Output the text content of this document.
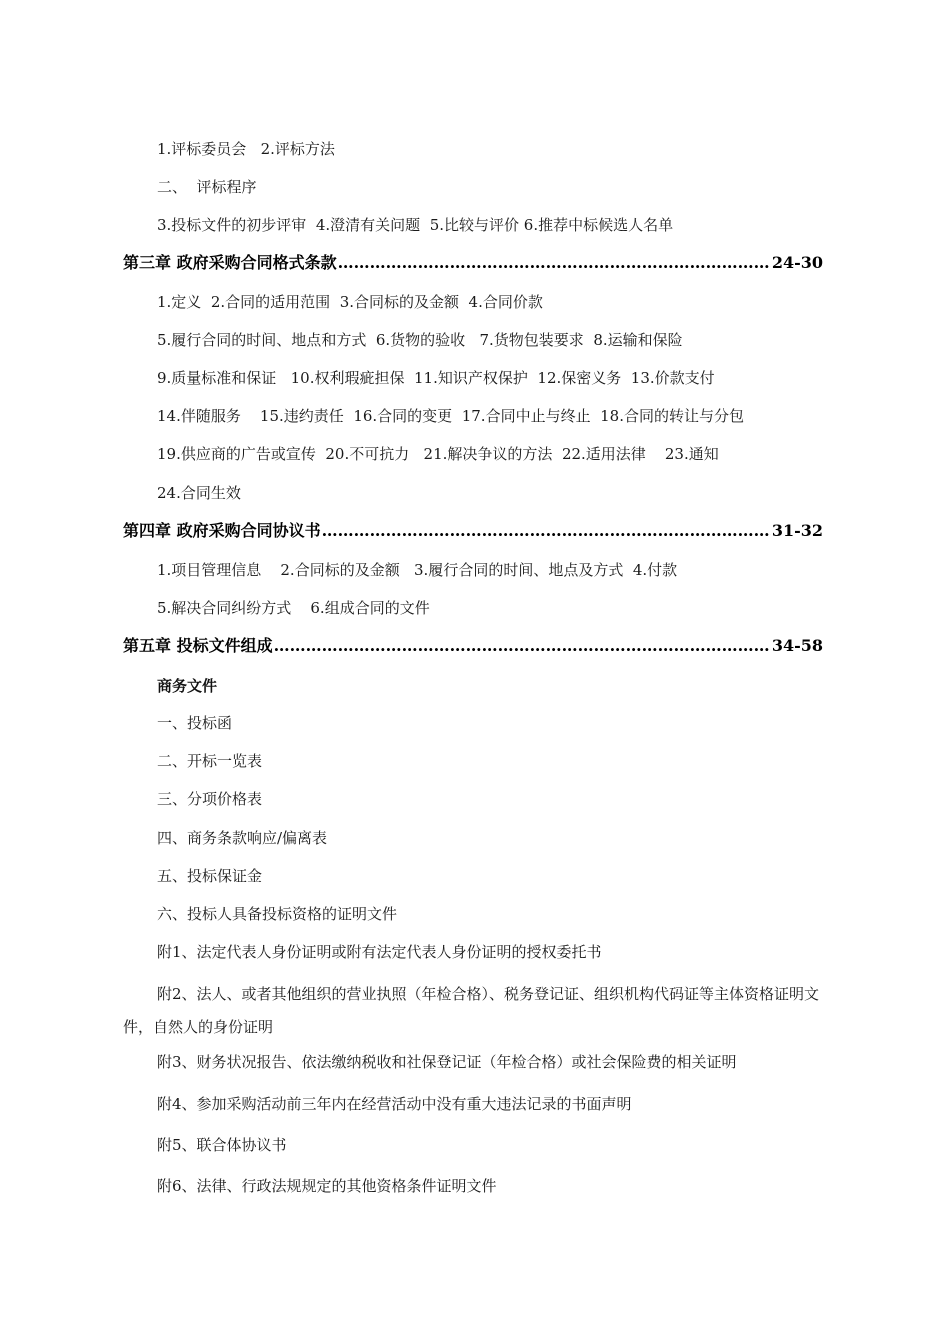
1.评标委员会   2.评标方法
二、  评标程序
3.投标文件的初步评审  4.澄清有关问题  5.比较与评价 6.推荐中标候选人名单
第三章 政府采购合同格式条款 …………………………………………………………………………………………………………………………………………………………………………………………………	24-30
1.定义  2.合同的适用范围  3.合同标的及金额  4.合同价款
5.履行合同的时间、地点和方式  6.货物的验收   7.货物包装要求  8.运输和保险
9.质量标准和保证   10.权利瑕疵担保  11.知识产权保护  12.保密义务  13.价款支付
14.伴随服务    15.违约责任  16.合同的变更  17.合同中止与终止  18.合同的转让与分包
19.供应商的广告或宣传  20.不可抗力   21.解决争议的方法  22.适用法律    23.通知
24.合同生效
第四章 政府采购合同协议书 …………………………………………………………………………………………………………………………………………………………………………………………………	31-32
1.项目管理信息    2.合同标的及金额   3.履行合同的时间、地点及方式  4.付款
5.解决合同纠纷方式    6.组成合同的文件
第五章 投标文件组成 …………………………………………………………………………………………………………………………………………………………………………………………………	34-58
商务文件
一、投标函
二、开标一览表
三、分项价格表
四、商务条款响应/偏离表
五、投标保证金
六、投标人具备投标资格的证明文件
附1、法定代表人身份证明或附有法定代表人身份证明的授权委托书
附2、法人、或者其他组织的营业执照（年检合格）、税务登记证、组织机构代码证等主体资格证明文件，自然人的身份证明
附3、财务状况报告、依法缴纳税收和社保登记证（年检合格）或社会保险费的相关证明
附4、参加采购活动前三年内在经营活动中没有重大违法记录的书面声明
附5、联合体协议书
附6、法律、行政法规规定的其他资格条件证明文件
